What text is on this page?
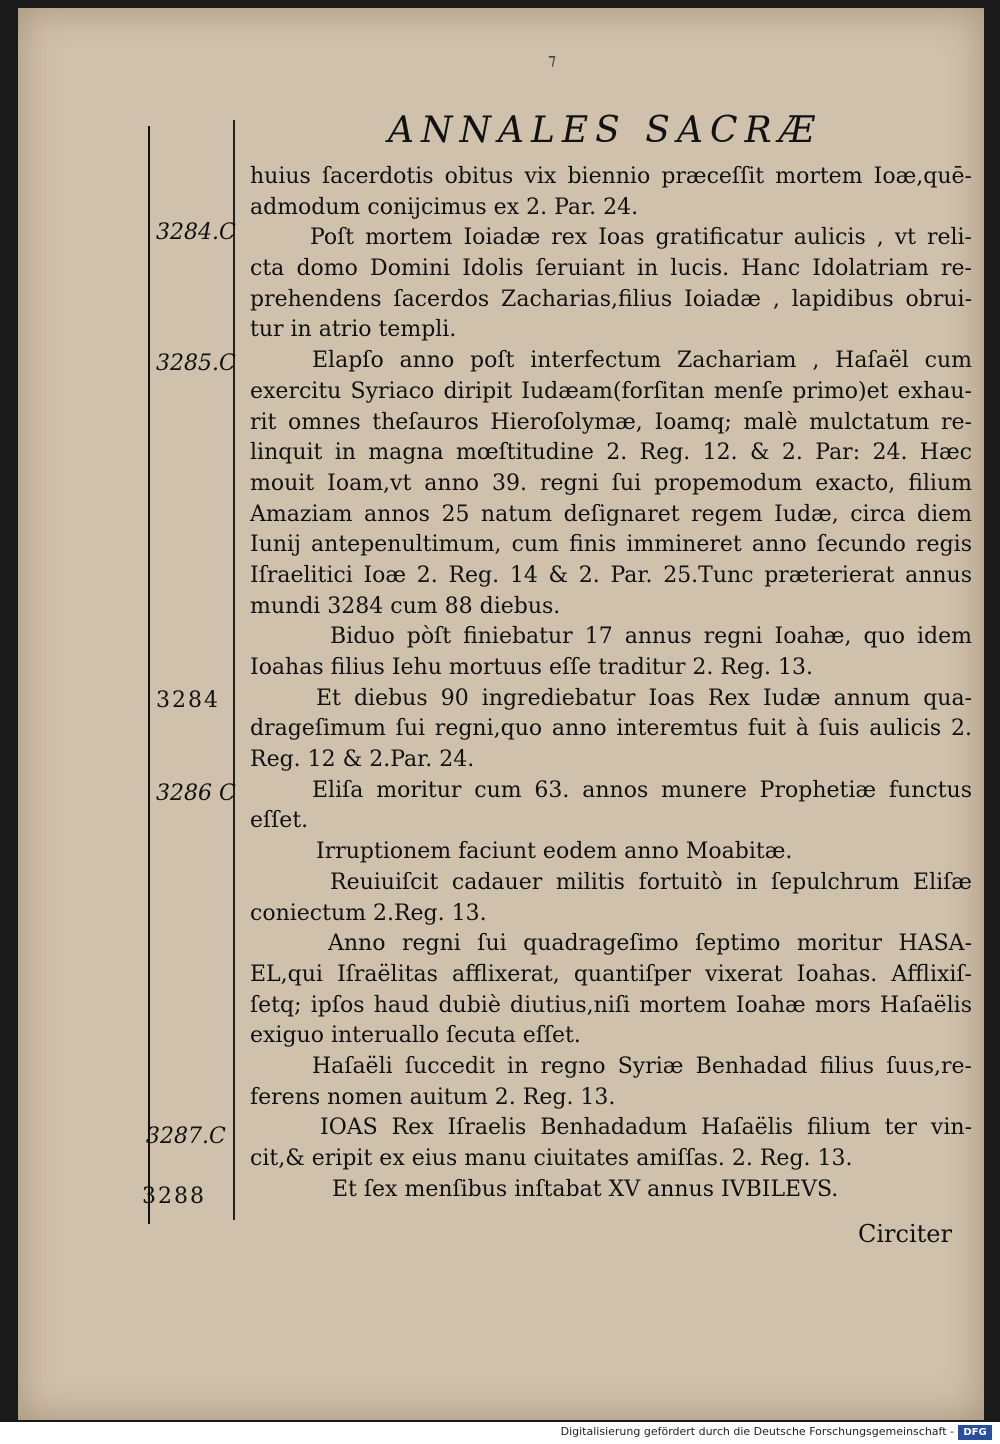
⁊
ANNALES SACRÆ
3284.C
3285.C
3284
3286 C
3287.C
3288
huius ſacerdotis obitus vix biennio præceſſit mortem Ioæ,quē-
admodum conijcimus ex 2. Par. 24.
Poſt mortem Ioiadæ rex Ioas gratificatur aulicis , vt reli-
cta domo Domini Idolis ſeruiant in lucis. Hanc Idolatriam re-
prehendens ſacerdos Zacharias,filius Ioiadæ , lapidibus obrui-
tur in atrio templi.
Elapſo anno poſt interfectum Zachariam , Haſaël cum
exercitu Syriaco diripit Iudæam(forſitan menſe primo)et exhau-
rit omnes theſauros Hieroſolymæ, Ioamq; malè mulctatum re-
linquit in magna mœſtitudine 2. Reg. 12. & 2. Par: 24. Hæc
mouit Ioam,vt anno 39. regni ſui propemodum exacto, filium
Amaziam annos 25 natum deſignaret regem Iudæ, circa diem
Iunij antepenultimum, cum finis immineret anno ſecundo regis
Iſraelitici Ioæ 2. Reg. 14 & 2. Par. 25.Tunc præterierat annus
mundi 3284 cum 88 diebus.
Biduo pòſt finiebatur 17 annus regni Ioahæ, quo idem
Ioahas filius Iehu mortuus eſſe traditur 2. Reg. 13.
Et diebus 90 ingrediebatur Ioas Rex Iudæ annum qua-
drageſimum ſui regni,quo anno interemtus fuit à ſuis aulicis 2.
Reg. 12 & 2.Par. 24.
Eliſa moritur cum 63. annos munere Prophetiæ functus
eſſet.
Irruptionem faciunt eodem anno Moabitæ.
Reuiuiſcit cadauer militis fortuitò in ſepulchrum Eliſæ
coniectum 2.Reg. 13.
Anno regni ſui quadrageſimo ſeptimo moritur HASA-
EL,qui Iſraëlitas afflixerat, quantiſper vixerat Ioahas. Afflixiſ-
ſetq; ipſos haud dubiè diutius,niſi mortem Ioahæ mors Haſaëlis
exiguo interuallo ſecuta eſſet.
Haſaëli ſuccedit in regno Syriæ Benhadad filius ſuus,re-
ferens nomen auitum 2. Reg. 13.
IOAS Rex Iſraelis Benhadadum Haſaëlis filium ter vin-
cit,& eripit ex eius manu ciuitates amiſſas. 2. Reg. 13.
Et ſex menſibus inſtabat XV annus IVBILEVS.
Circiter
Digitalisierung gefördert durch die Deutsche Forschungsgemeinschaft - DFG
